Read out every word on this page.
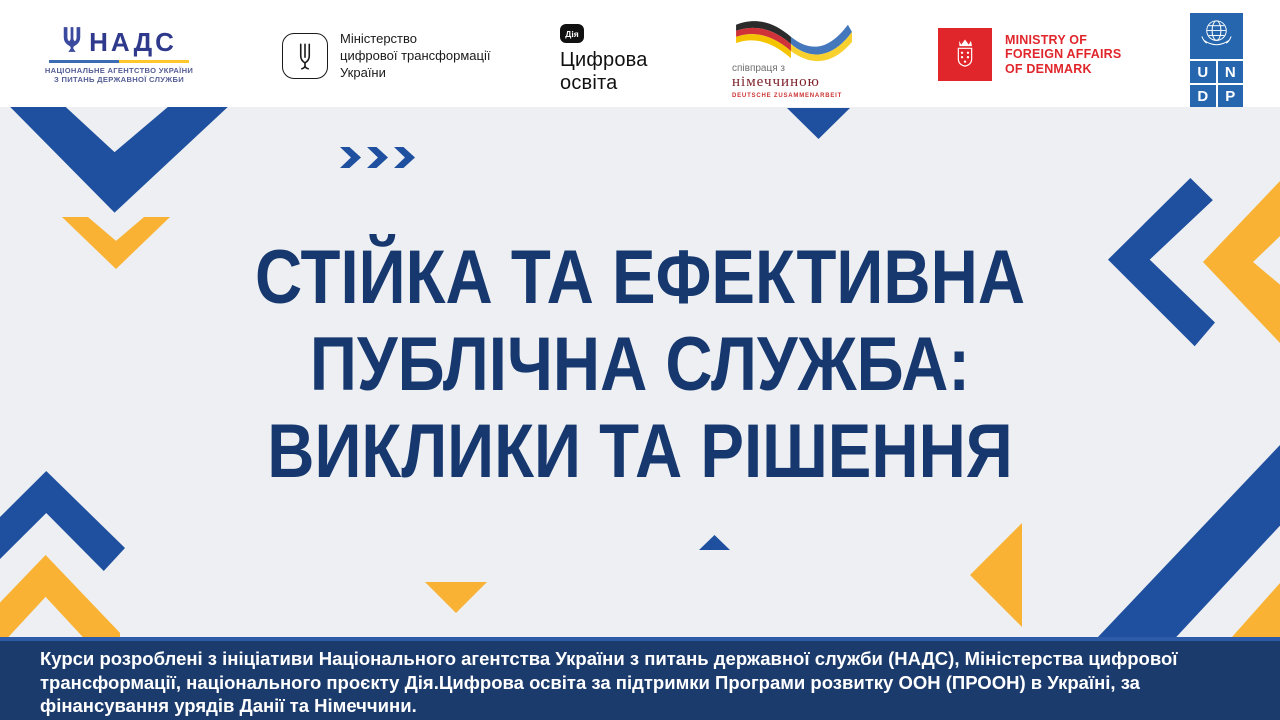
НАДС
НАЦІОНАЛЬНЕ АГЕНТСТВО УКРАЇНИ
З ПИТАНЬ ДЕРЖАВНОЇ СЛУЖБИ
Міністерство
цифрової трансформації
України
Дія
Цифрова
освіта
співпраця з
німеччиною
DEUTSCHE ZUSAMMENARBEIT
MINISTRY OF
FOREIGN AFFAIRS
OF DENMARK	U	N
D	P
СТІЙКА ТА ЕФЕКТИВНА
ПУБЛІЧНА СЛУЖБА:
ВИКЛИКИ ТА РІШЕННЯ
Курси розроблені з ініціативи Національного агентства України з питань державної служби (НАДС), Міністерства цифрової
трансформації, національного проєкту Дія.Цифрова освіта за підтримки Програми розвитку ООН (ПРООН) в Україні, за
фінансування урядів Данії та Німеччини.
